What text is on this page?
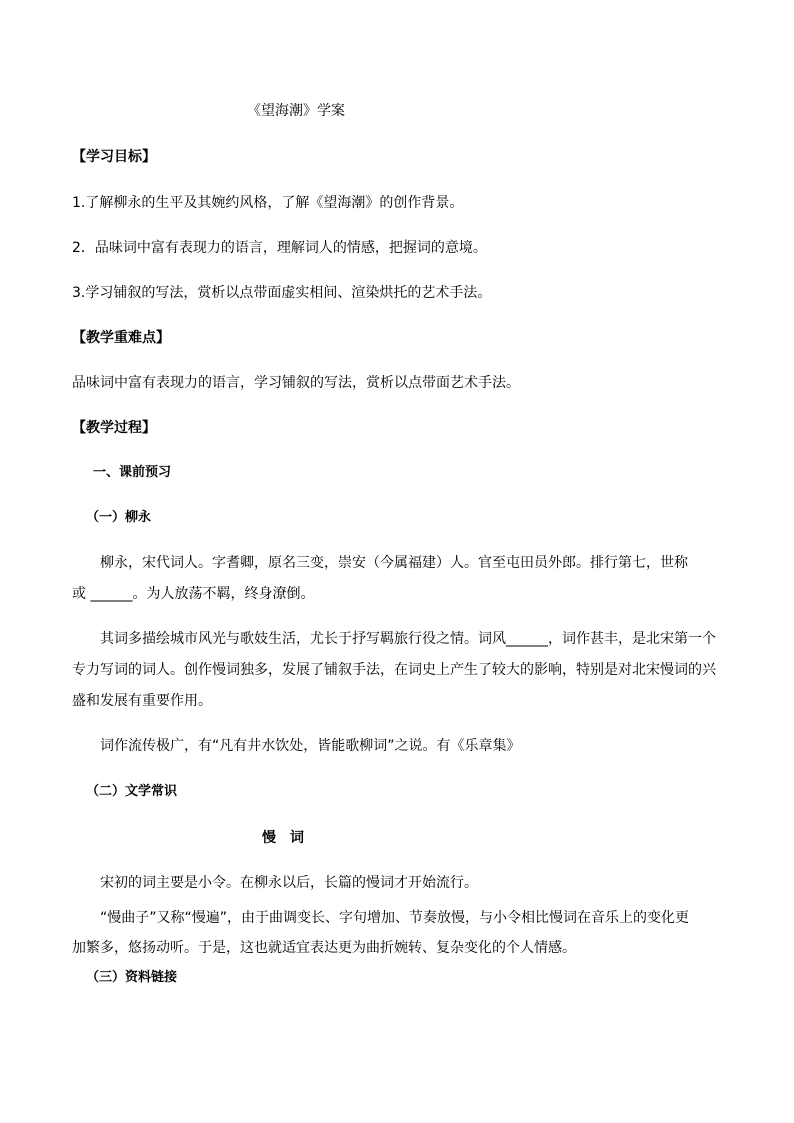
《望海潮》学案
【学习目标】
1.了解柳永的生平及其婉约风格，了解《望海潮》的创作背景。
2．品味词中富有表现力的语言，理解词人的情感，把握词的意境。
3.学习铺叙的写法，赏析以点带面虚实相间、渲染烘托的艺术手法。
【教学重难点】
品味词中富有表现力的语言，学习铺叙的写法，赏析以点带面艺术手法。
【教学过程】
一、课前预习
（一）柳永
柳永，宋代词人。字耆卿，原名三变，崇安（今属福建）人。官至屯田员外郎。排行第七，世称
或 ______。为人放荡不羁，终身潦倒。
其词多描绘城市风光与歌妓生活，尤长于抒写羁旅行役之情。词风______，词作甚丰，是北宋第一个
专力写词的词人。创作慢词独多，发展了铺叙手法，在词史上产生了较大的影响，特别是对北宋慢词的兴
盛和发展有重要作用。
词作流传极广，有“凡有井水饮处，皆能歌柳词”之说。有《乐章集》
（二）文学常识
慢　词
宋初的词主要是小令。在柳永以后，长篇的慢词才开始流行。
“慢曲子”又称“慢遍”，由于曲调变长、字句增加、节奏放慢，与小令相比慢词在音乐上的变化更
加繁多，悠扬动听。于是，这也就适宜表达更为曲折婉转、复杂变化的个人情感。
（三）资料链接
